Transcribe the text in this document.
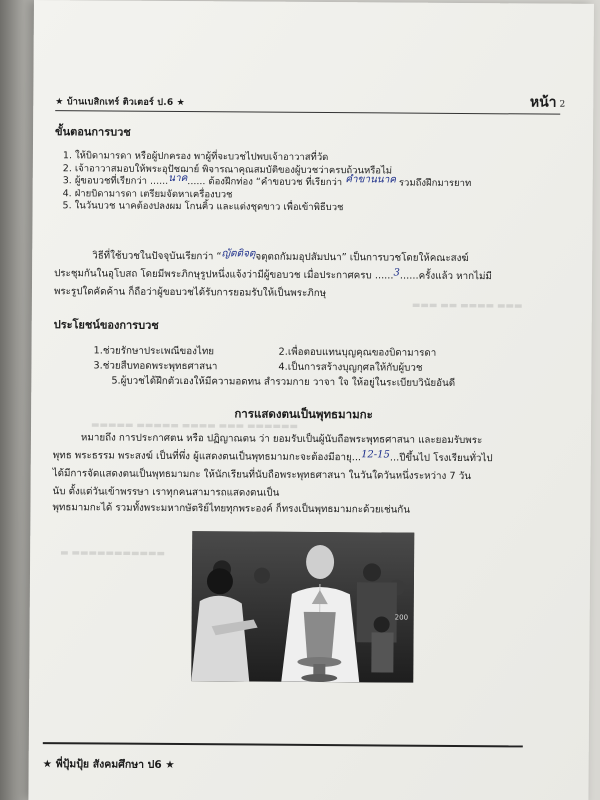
▬▬▬ ▬▬ ▬▬▬▬ ▬▬▬
▬▬▬▬▬ ▬▬▬▬▬ ▬▬▬▬ ▬▬▬ ▬▬▬▬▬▬
▬ ▬▬▬▬▬▬▬▬▬▬▬
★ บ้านเบสิกเทร์ ติวเตอร์ ป.6 ★	หน้า 2
ขั้นตอนการบวช
1. ให้บิดามารดา หรือผู้ปกครอง พาผู้ที่จะบวชไปพบเจ้าอาวาสที่วัด
2. เจ้าอาวาสมอบให้พระอุปัชฌาย์ พิจารณาคุณสมบัติของผู้บวชว่าครบถ้วนหรือไม่
3. ผู้ขอบวชที่เรียกว่า ......นาค...... ต้องฝึกท่อง “คำขอบวช ที่เรียกว่า คำขานนาค รวมถึงฝึกมารยาท
4. ฝ่ายบิดามารดา เตรียมจัดหาเครื่องบวช
5. ในวันบวช นาคต้องปลงผม โกนคิ้ว และแต่งชุดขาว เพื่อเข้าพิธีบวช
วิธีที่ใช้บวชในปัจจุบันเรียกว่า “ญัตติจตุจตุตถกัมมอุปสัมปนา” เป็นการบวชโดยให้คณะสงฆ์
ประชุมกันในอุโบสถ โดยมีพระภิกษุรูปหนึ่งแจ้งว่ามีผู้ขอบวช เมื่อประกาศครบ ......3......ครั้งแล้ว หากไม่มี
พระรูปใดคัดค้าน ก็ถือว่าผู้ขอบวชได้รับการยอมรับให้เป็นพระภิกษุ
ประโยชน์ของการบวช
1.ช่วยรักษาประเพณีของไทย	2.เพื่อตอบแทนบุญคุณของบิดามารดา
3.ช่วยสืบทอดพระพุทธศาสนา	4.เป็นการสร้างบุญกุศลให้กับผู้บวช
5.ผู้บวชได้ฝึกตัวเองให้มีความอดทน สำรวมกาย วาจา ใจ ให้อยู่ในระเบียบวินัยอันดี
การแสดงตนเป็นพุทธมามกะ
หมายถึง การประกาศตน หรือ ปฏิญาณตน ว่า ยอมรับเป็นผู้นับถือพระพุทธศาสนา และยอมรับพระ
พุทธ พระธรรม พระสงฆ์ เป็นที่พึ่ง ผู้แสดงตนเป็นพุทธมามกะจะต้องมีอายุ...12-15...ปีขึ้นไป โรงเรียนทั่วไป
ได้มีการจัดแสดงตนเป็นพุทธมามกะ ให้นักเรียนที่นับถือพระพุทธศาสนา ในวันใดวันหนึ่งระหว่าง 7 วัน
นับ ตั้งแต่วันเข้าพรรษา เราทุกคนสามารถแสดงตนเป็น
พุทธมามกะได้ รวมทั้งพระมหากษัตริย์ไทยทุกพระองค์ ก็ทรงเป็นพุทธมามกะด้วยเช่นกัน
200
★ พี่ปุ้มปุ้ย สังคมศึกษา ป6 ★
